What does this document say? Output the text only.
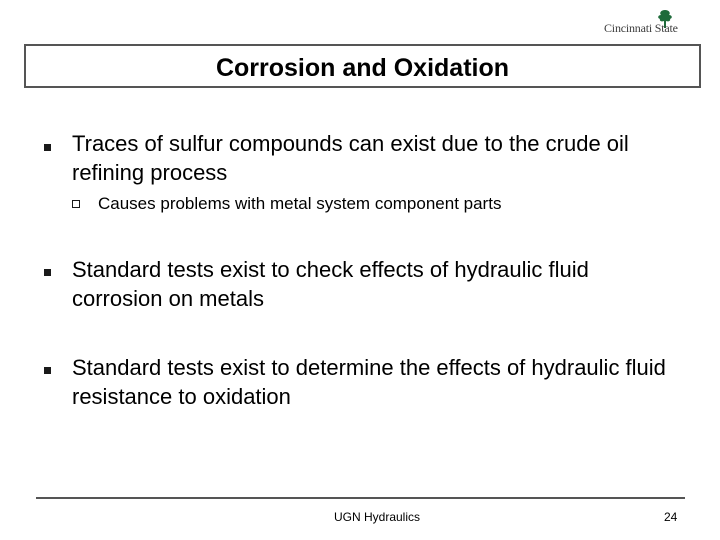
Cincinnati State
Corrosion and Oxidation
Traces of sulfur compounds can exist due to the crude oil refining process
Causes problems with metal system component parts
Standard tests exist to check effects of hydraulic fluid corrosion on metals
Standard tests exist to determine the effects of hydraulic fluid resistance to oxidation
UGN Hydraulics	24
